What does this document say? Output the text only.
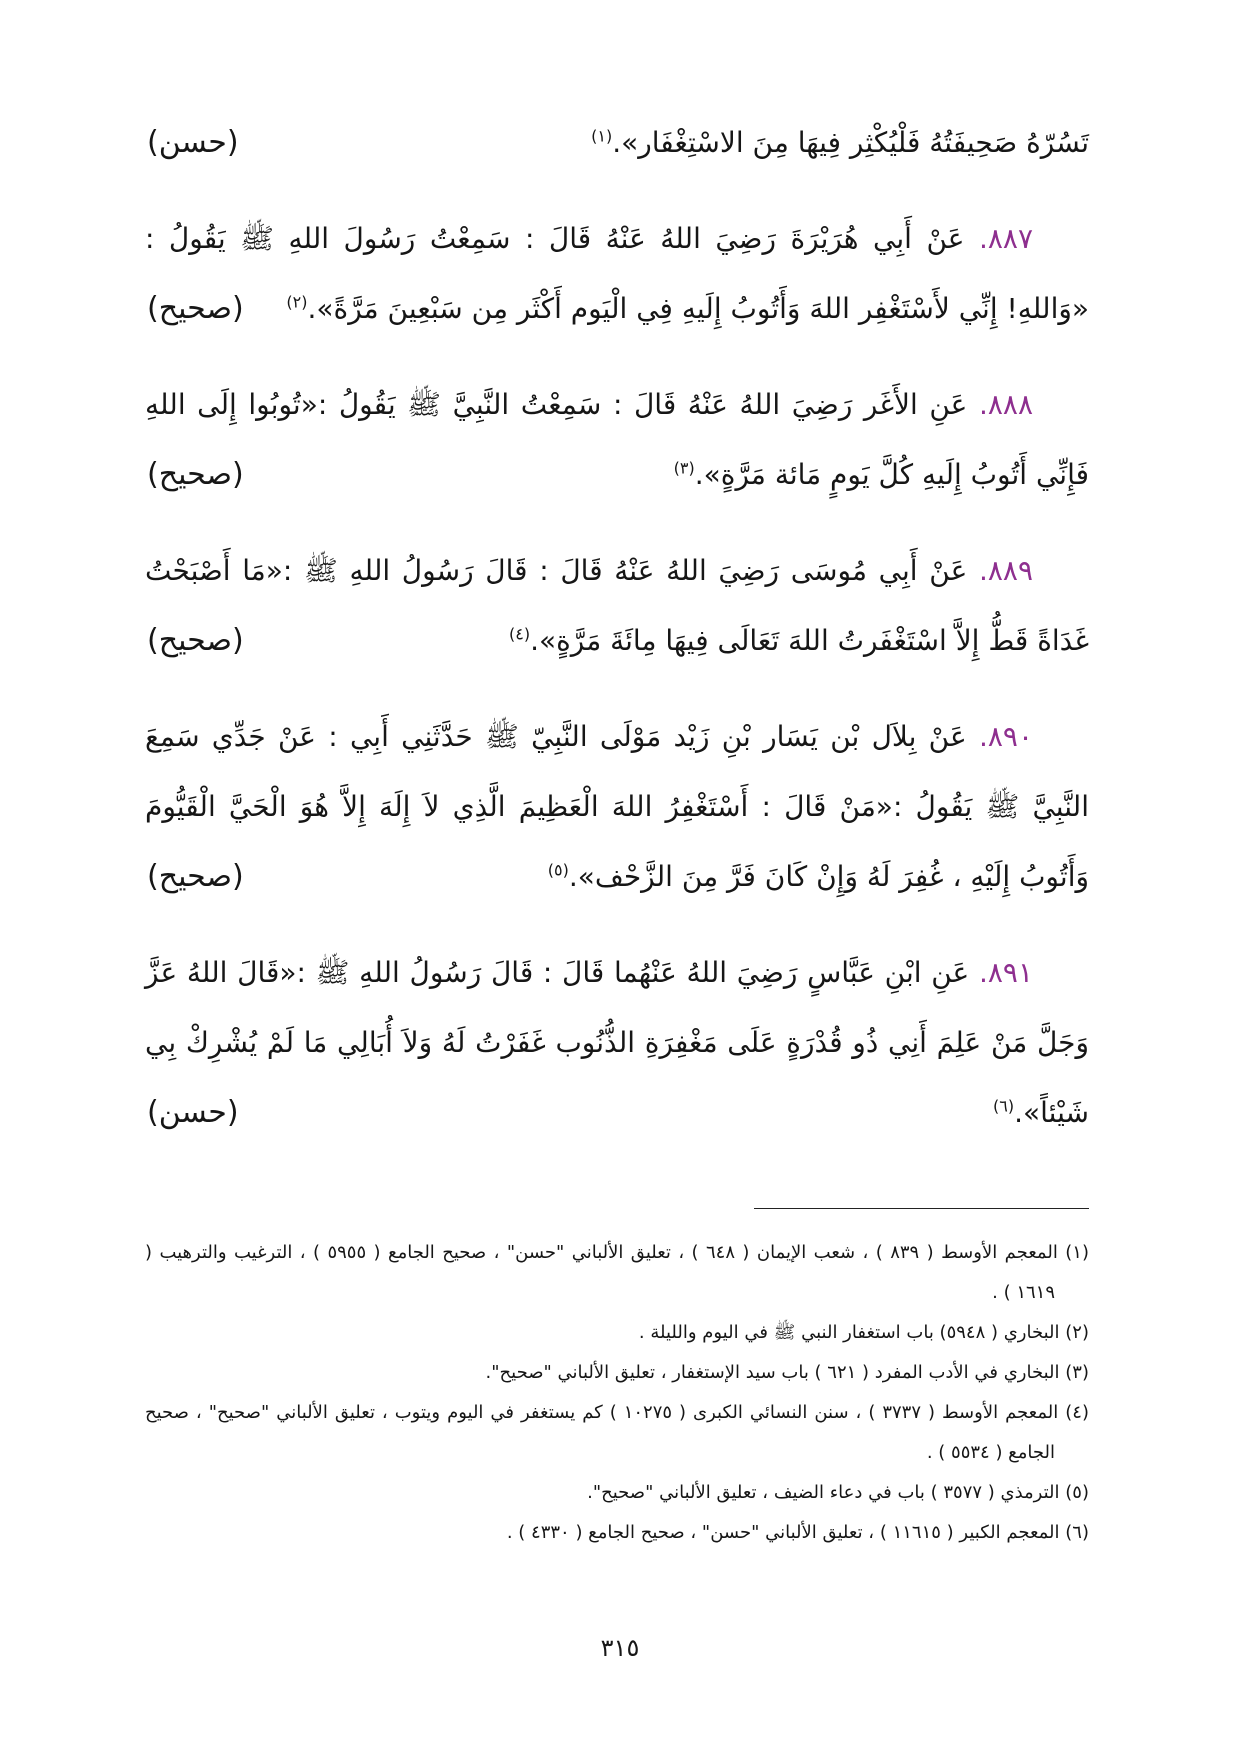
تَسُرّهُ صَحِيفَتُهُ فَلْيُكْثِر فِيهَا مِنَ الاسْتِغْفَار».$^{(١)}$
(حسن)

٨٨٧. عَنْ أَبِي هُرَيْرَةَ رَضِيَ اللهُ عَنْهُ قَالَ : سَمِعْتُ رَسُولَ اللهِ ﷺ يَقُولُ : «وَاللهِ! إِنِّي لأَسْتَغْفِر اللهَ وَأَتُوبُ إِلَيهِ فِي الْيَوم أَكْثَر مِن سَبْعِينَ مَرَّةً».$^{(٢)}$
(صحيح)

٨٨٨. عَنِ الأَغَر رَضِيَ اللهُ عَنْهُ قَالَ : سَمِعْتُ النَّبِيَّ ﷺ يَقُولُ :«تُوبُوا إِلَى اللهِ فَإِنِّي أَتُوبُ إِلَيهِ كُلَّ يَومٍ مَائة مَرَّةٍ».$^{(٣)}$
(صحيح)

٨٨٩. عَنْ أَبِي مُوسَى رَضِيَ اللهُ عَنْهُ قَالَ : قَالَ رَسُولُ اللهِ ﷺ :«مَا أَصْبَحْتُ غَدَاةً قَطُّ إِلاَّ اسْتَغْفَرتُ اللهَ تَعَالَى فِيهَا مِائَةَ مَرَّةٍ».$^{(٤)}$
(صحيح)

٨٩٠. عَنْ بِلاَل بْن يَسَار بْنِ زَيْد مَوْلَى النَّبِيّ ﷺ حَدَّثَنِي أَبِي : عَنْ جَدِّي سَمِعَ النَّبِيَّ ﷺ يَقُولُ :«مَنْ قَالَ : أَسْتَغْفِرُ اللهَ الْعَظِيمَ الَّذِي لاَ إِلَهَ إِلاَّ هُوَ الْحَيَّ الْقَيُّومَ وَأَتُوبُ إِلَيْهِ ، غُفِرَ لَهُ وَإِنْ كَانَ فَرَّ مِنَ الزَّحْف».$^{(٥)}$
(صحيح)

٨٩١. عَنِ ابْنِ عَبَّاسٍ رَضِيَ اللهُ عَنْهُما قَالَ : قَالَ رَسُولُ اللهِ ﷺ :«قَالَ اللهُ عَزَّ وَجَلَّ مَنْ عَلِمَ أَنِي ذُو قُدْرَةٍ عَلَى مَغْفِرَةِ الذُّنُوب غَفَرْتُ لَهُ وَلاَ أُبَالِي مَا لَمْ يُشْرِكْ بِي شَيْئاً».$^{(٦)}$
(حسن)

(١) المعجم الأوسط ( ٨٣٩ ) ، شعب الإيمان ( ٦٤٨ ) ، تعليق الألباني "حسن" ، صحيح الجامع ( ٥٩٥٥ ) ، الترغيب والترهيب ( ١٦١٩ ) .

(٢) البخاري ( ٥٩٤٨) باب استغفار النبي ﷺ في اليوم والليلة .

(٣) البخاري في الأدب المفرد ( ٦٢١ ) باب سيد الإستغفار ، تعليق الألباني "صحيح".

(٤) المعجم الأوسط ( ٣٧٣٧ ) ، سنن النسائي الكبرى ( ١٠٢٧٥ ) كم يستغفر في اليوم ويتوب ، تعليق الألباني "صحيح" ، صحيح الجامع ( ٥٥٣٤ ) .

(٥) الترمذي ( ٣٥٧٧ ) باب في دعاء الضيف ، تعليق الألباني "صحيح".

(٦) المعجم الكبير ( ١١٦١٥ ) ، تعليق الألباني "حسن" ، صحيح الجامع ( ٤٣٣٠ ) .

٣١٥
